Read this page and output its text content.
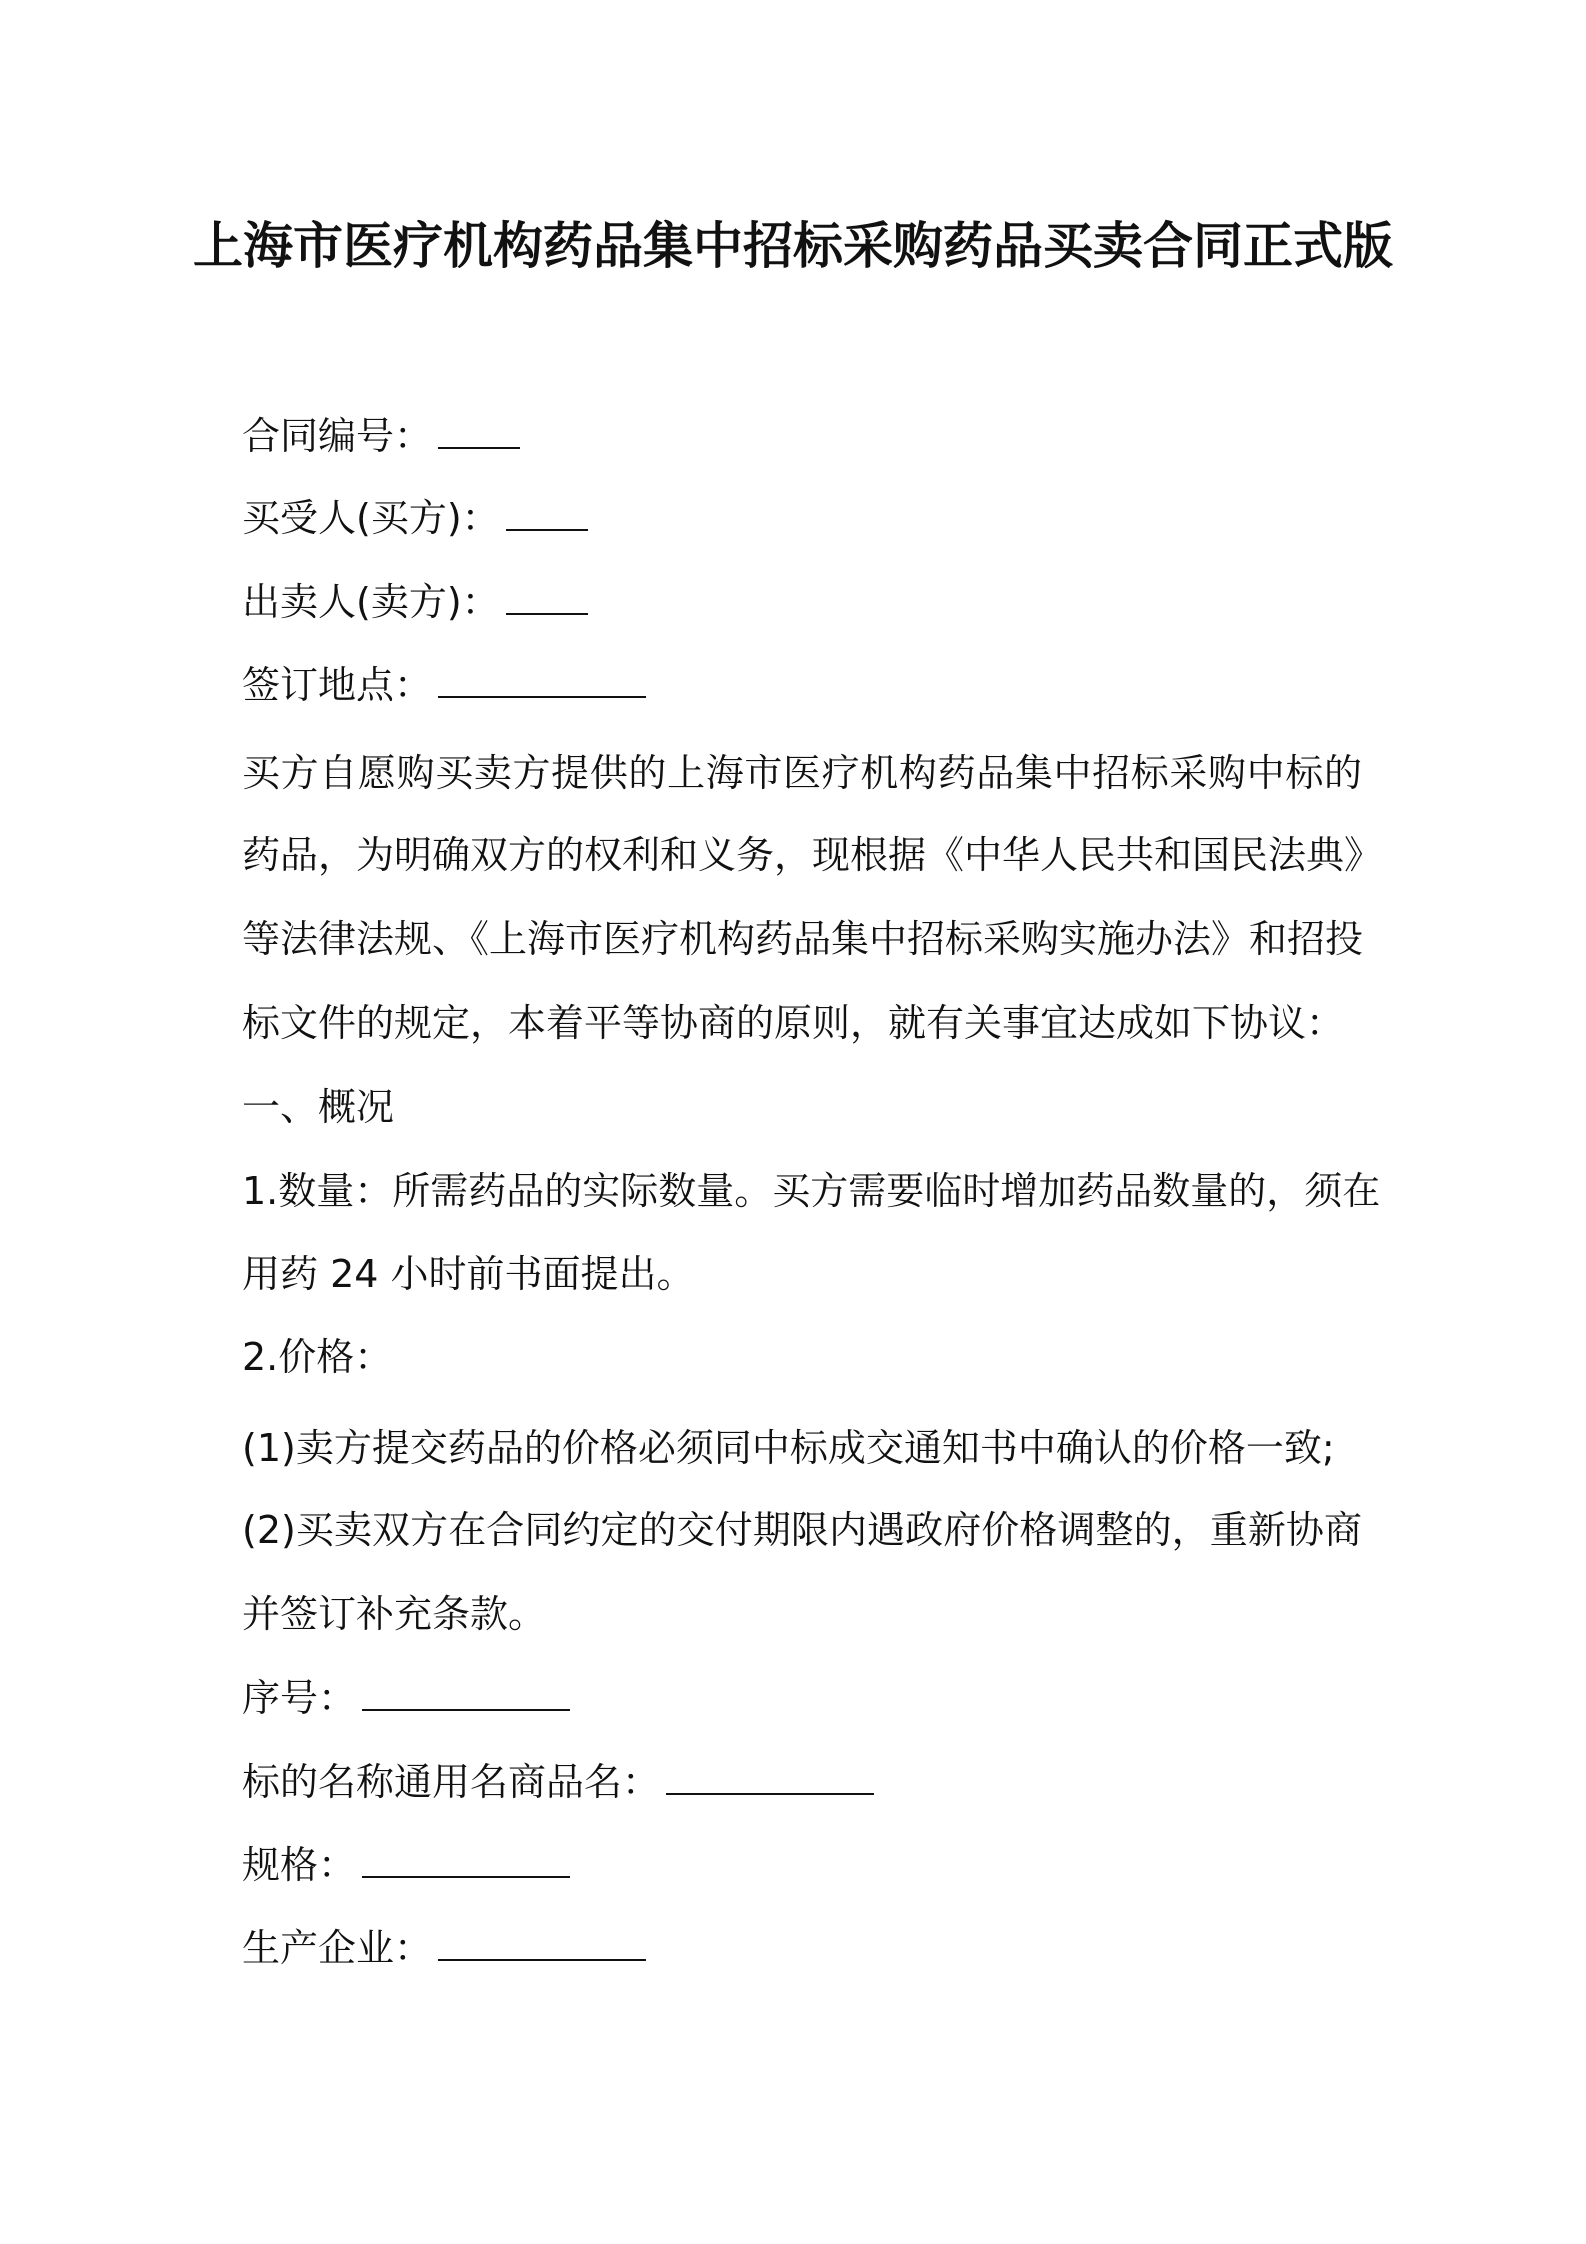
上海市医疗机构药品集中招标采购药品买卖合同正式版
合同编号：
买受人(买方)：
出卖人(卖方)：
签订地点：
买方自愿购买卖方提供的上海市医疗机构药品集中招标采购中标的
药品，为明确双方的权利和义务，现根据《中华人民共和国民法典》
等法律法规、《上海市医疗机构药品集中招标采购实施办法》和招投
标文件的规定，本着平等协商的原则，就有关事宜达成如下协议：
一、概况
1.数量：所需药品的实际数量。买方需要临时增加药品数量的，须在
用药 24 小时前书面提出。
2.价格：
(1)卖方提交药品的价格必须同中标成交通知书中确认的价格一致;
(2)买卖双方在合同约定的交付期限内遇政府价格调整的，重新协商
并签订补充条款。
序号：
标的名称通用名商品名：
规格：
生产企业：
